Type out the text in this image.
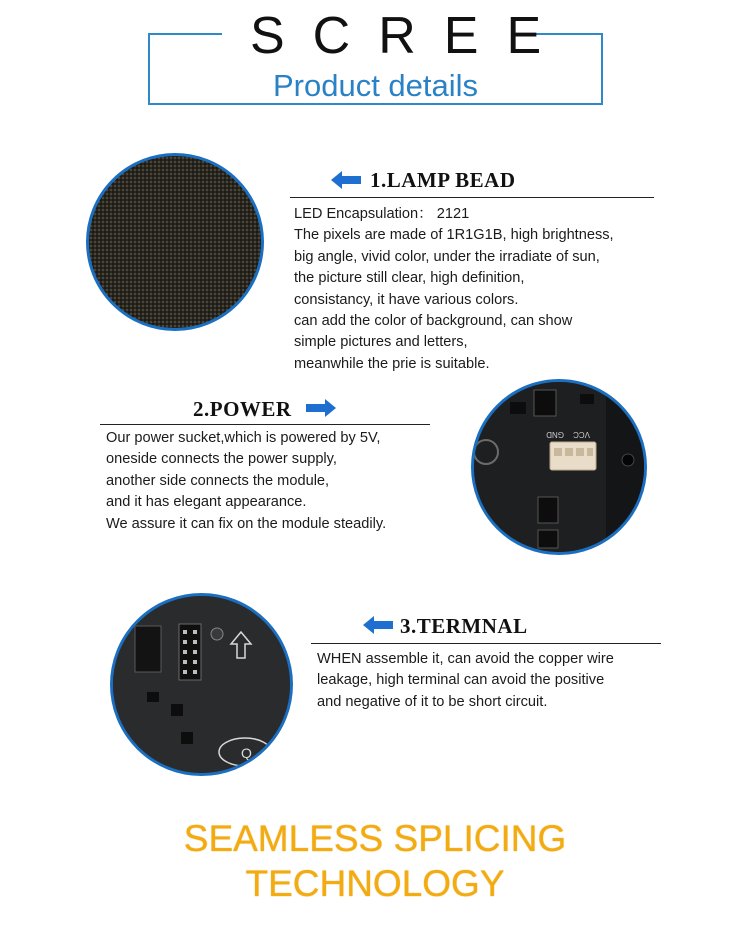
SCREE
Product details
1.LAMP BEAD
LED Encapsulation： 2121
The pixels are made of 1R1G1B, high brightness,
big angle, vivid color, under the irradiate of sun,
the picture still clear, high definition,
consistancy, it have various colors.
can add the color of background, can show
simple pictures and letters,
meanwhile the prie is suitable.
2.POWER
Our power sucket,which is powered by 5V,
oneside connects the power supply,
another side connects the module,
and it has elegant appearance.
We assure it can fix on the module steadily.
GND VCC
Q
3.TERMNAL
WHEN assemble it, can avoid the copper wire
leakage, high terminal can avoid the positive
and negative of it to be short circuit.
SEAMLESS SPLICING
TECHNOLOGY
